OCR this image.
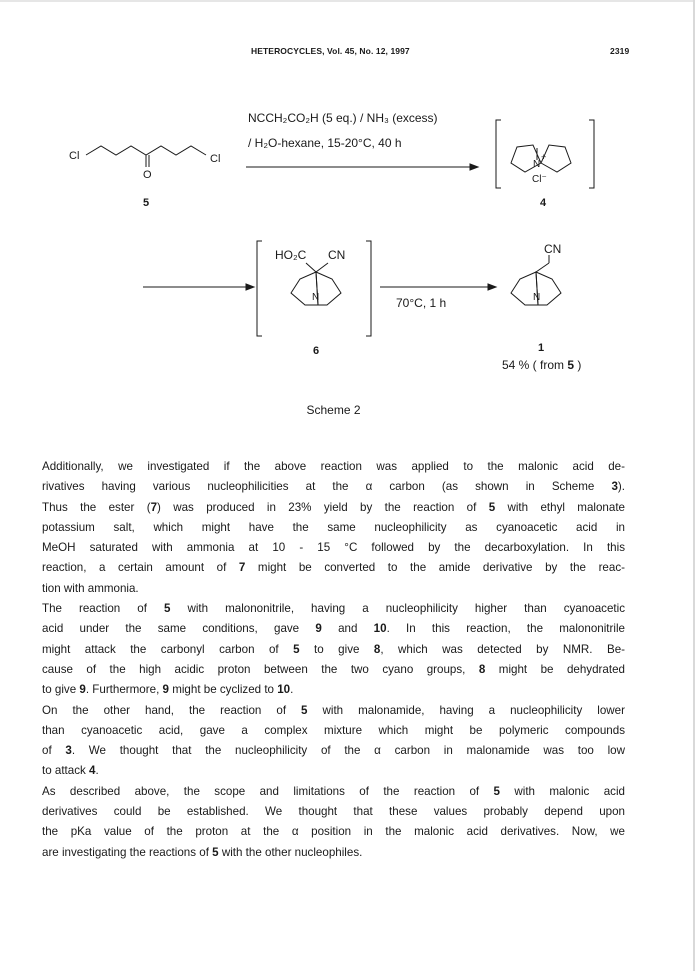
HETEROCYCLES, Vol. 45, No. 12, 1997	2319
NCCH₂CO₂H (5 eq.) / NH₃ (excess)
/ H₂O-hexane, 15-20°C, 40 h
Cl	Cl
O
5
N
+
Cl⁻
4
HO₂C CN
N
6
70°C, 1 h
CN
N
1
54 % ( from 5 )
Scheme 2
Additionally, we investigated if the above reaction was applied to the malonic acid de-
rivatives having various nucleophilicities at the α carbon (as shown in Scheme 3).
Thus the ester (7) was produced in 23% yield by the reaction of 5 with ethyl malonate
potassium salt, which might have the same nucleophilicity as cyanoacetic acid in
MeOH saturated with ammonia at 10 - 15 °C followed by the decarboxylation. In this
reaction, a certain amount of 7 might be converted to the amide derivative by the reac-
tion with ammonia.
The reaction of 5 with malononitrile, having a nucleophilicity higher than cyanoacetic
acid under the same conditions, gave 9 and 10. In this reaction, the malononitrile
might attack the carbonyl carbon of 5 to give 8, which was detected by NMR. Be-
cause of the high acidic proton between the two cyano groups, 8 might be dehydrated
to give 9. Furthermore, 9 might be cyclized to 10.
On the other hand, the reaction of 5 with malonamide, having a nucleophilicity lower
than cyanoacetic acid, gave a complex mixture which might be polymeric compounds
of 3. We thought that the nucleophilicity of the α carbon in malonamide was too low
to attack 4.
As described above, the scope and limitations of the reaction of 5 with malonic acid
derivatives could be established. We thought that these values probably depend upon
the pKa value of the proton at the α position in the malonic acid derivatives. Now, we
are investigating the reactions of 5 with the other nucleophiles.
